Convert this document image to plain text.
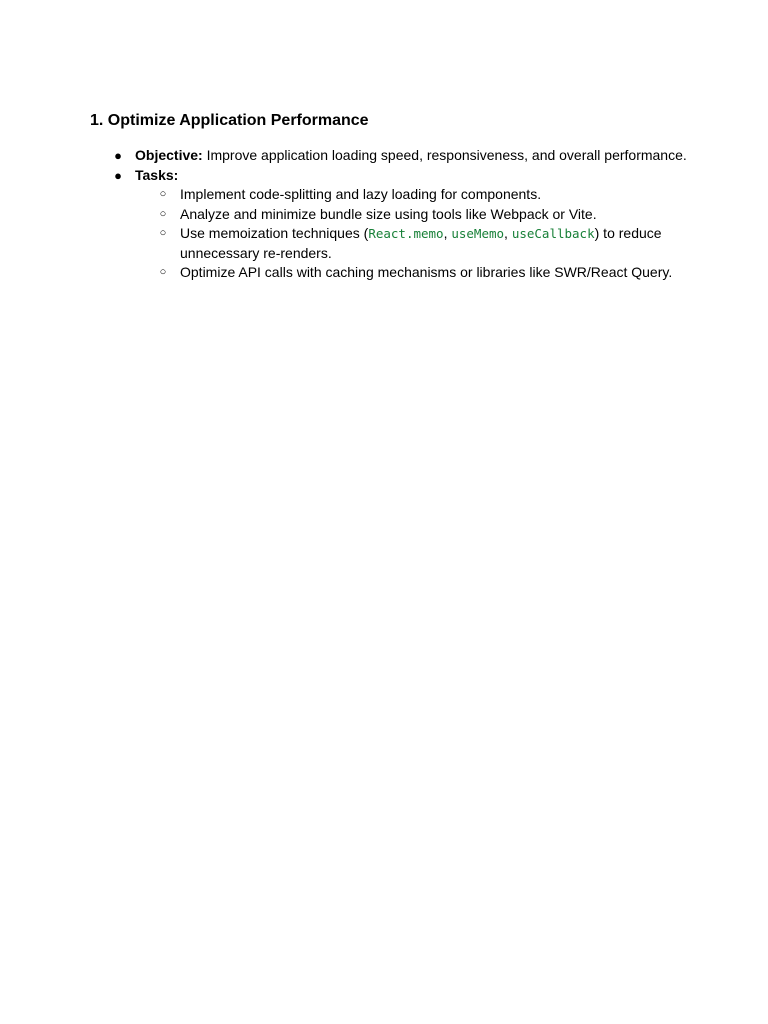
1. Optimize Application Performance
● Objective: Improve application loading speed, responsiveness, and overall performance.
● Tasks:
○ Implement code-splitting and lazy loading for components.
○ Analyze and minimize bundle size using tools like Webpack or Vite.
○ Use memoization techniques (React.memo, useMemo, useCallback) to reduce unnecessary re-renders.
○ Optimize API calls with caching mechanisms or libraries like SWR/React Query.
